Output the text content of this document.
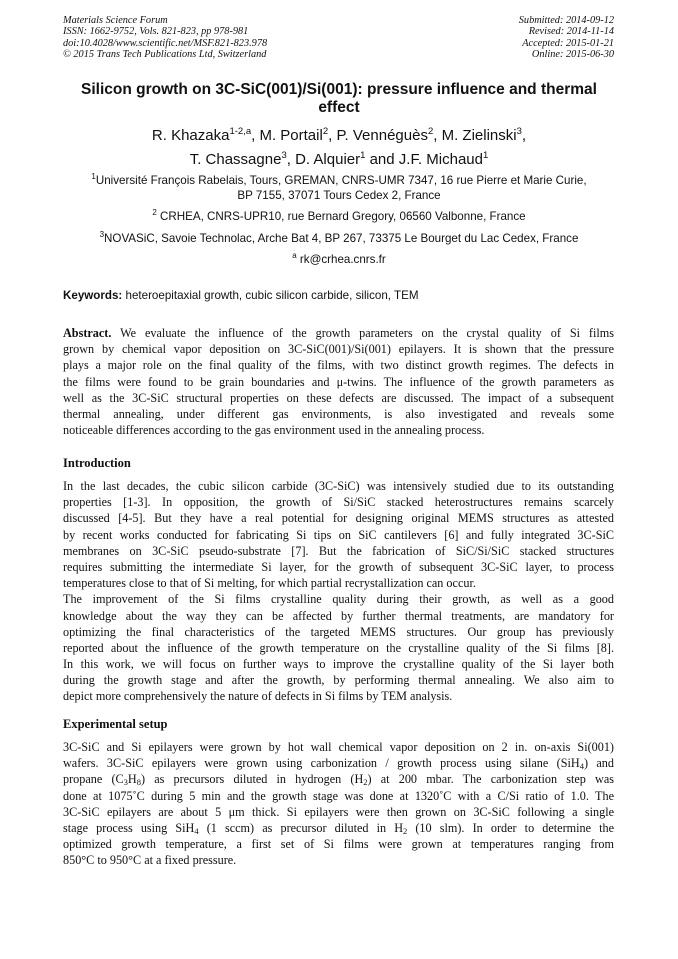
Materials Science Forum
ISSN: 1662-9752, Vols. 821-823, pp 978-981
doi:10.4028/www.scientific.net/MSF.821-823.978
© 2015 Trans Tech Publications Ltd, Switzerland
Submitted: 2014-09-12
Revised: 2014-11-14
Accepted: 2015-01-21
Online: 2015-06-30
Silicon growth on 3C-SiC(001)/Si(001): pressure influence and thermal effect
R. Khazaka$^{1-2,a}$, M. Portail$^2$, P. Vennéguès$^2$, M. Zielinski$^3$,
T. Chassagne$^3$, D. Alquier$^1$ and J.F. Michaud$^1$
$^1$Université François Rabelais, Tours, GREMAN, CNRS-UMR 7347, 16 rue Pierre et Marie Curie,
BP 7155, 37071 Tours Cedex 2, France
$^2$ CRHEA, CNRS-UPR10, rue Bernard Gregory, 06560 Valbonne, France
$^3$NOVASiC, Savoie Technolac, Arche Bat 4, BP 267, 73375 Le Bourget du Lac Cedex, France
$^a$ rk@crhea.cnrs.fr
Keywords: heteroepitaxial growth, cubic silicon carbide, silicon, TEM
Abstract. We evaluate the influence of the growth parameters on the crystal quality of Si films
grown by chemical vapor deposition on 3C-SiC(001)/Si(001) epilayers. It is shown that the pressure
plays a major role on the final quality of the films, with two distinct growth regimes. The defects in
the films were found to be grain boundaries and μ-twins. The influence of the growth parameters as
well as the 3C-SiC structural properties on these defects are discussed. The impact of a subsequent
thermal annealing, under different gas environments, is also investigated and reveals some
noticeable differences according to the gas environment used in the annealing process.
Introduction
In the last decades, the cubic silicon carbide (3C-SiC) was intensively studied due to its outstanding
properties [1-3]. In opposition, the growth of Si/SiC stacked heterostructures remains scarcely
discussed [4-5]. But they have a real potential for designing original MEMS structures as attested
by recent works conducted for fabricating Si tips on SiC cantilevers [6] and fully integrated 3C-SiC
membranes on 3C-SiC pseudo-substrate [7]. But the fabrication of SiC/Si/SiC stacked structures
requires submitting the intermediate Si layer, for the growth of subsequent 3C-SiC layer, to process
temperatures close to that of Si melting, for which partial recrystallization can occur.
The improvement of the Si films crystalline quality during their growth, as well as a good
knowledge about the way they can be affected by further thermal treatments, are mandatory for
optimizing the final characteristics of the targeted MEMS structures. Our group has previously
reported about the influence of the growth temperature on the crystalline quality of the Si films [8].
In this work, we will focus on further ways to improve the crystalline quality of the Si layer both
during the growth stage and after the growth, by performing thermal annealing. We also aim to
depict more comprehensively the nature of defects in Si films by TEM analysis.
Experimental setup
3C-SiC and Si epilayers were grown by hot wall chemical vapor deposition on 2 in. on-axis Si(001)
wafers. 3C-SiC epilayers were grown using carbonization / growth process using silane (SiH$_4$) and
propane $(C_3H_8)$ as precursors diluted in hydrogen $(H_2)$ at 200 mbar. The carbonization step was
done at 1075˚C during 5 min and the growth stage was done at 1320˚C with a C/Si ratio of 1.0. The
3C-SiC epilayers are about 5 μm thick. Si epilayers were then grown on 3C-SiC following a single
stage process using SiH$_4$ (1 sccm) as precursor diluted in $H_2$ (10 slm). In order to determine the
optimized growth temperature, a first set of Si films were grown at temperatures ranging from
850°C to 950°C at a fixed pressure.
